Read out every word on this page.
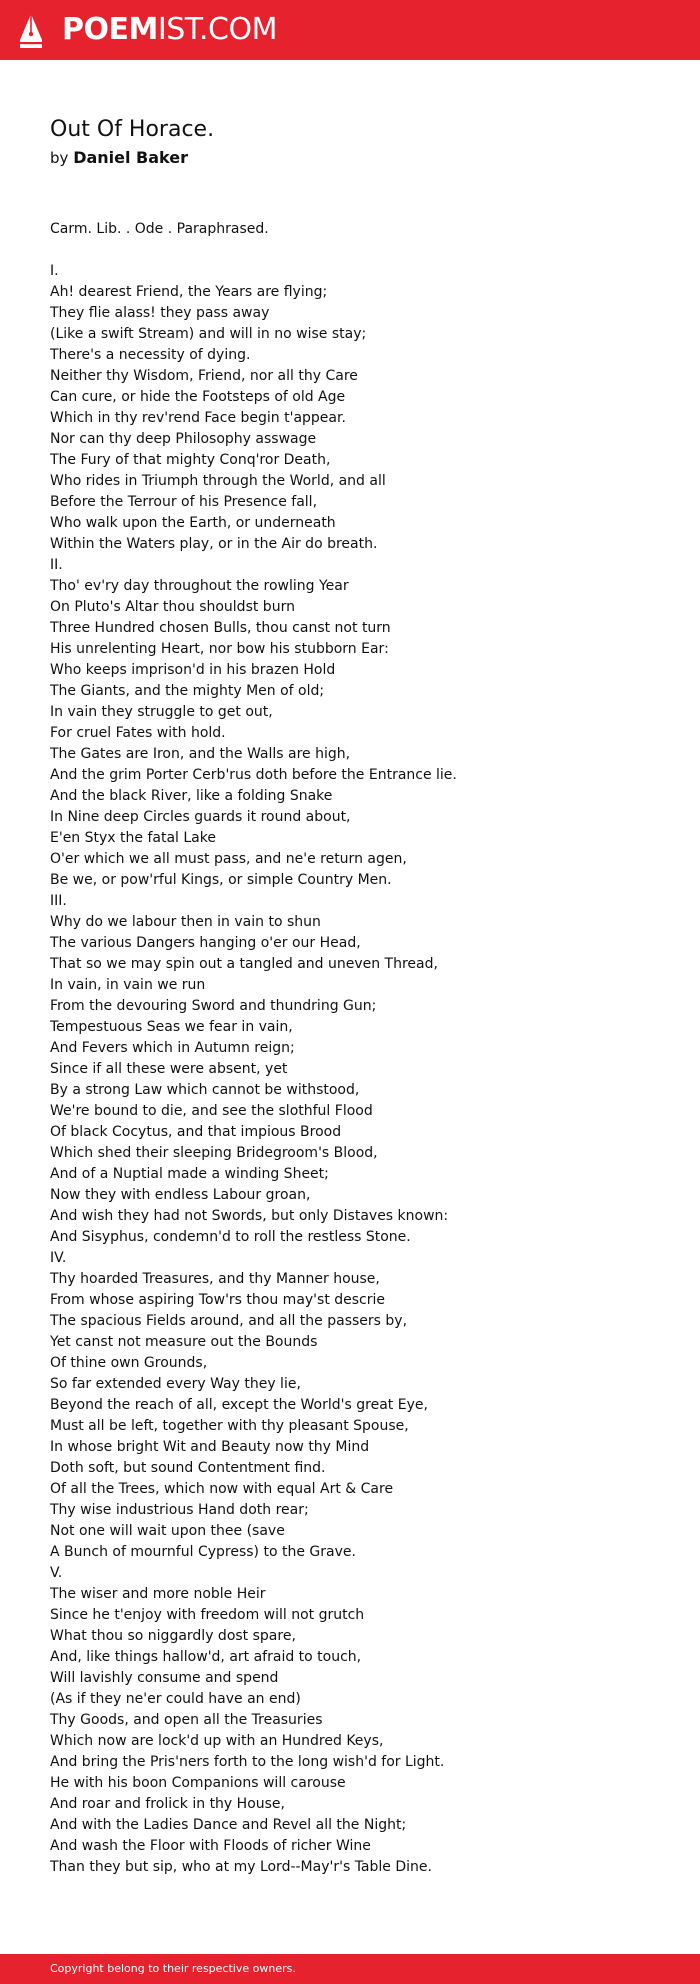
POEMIST.COM
Out Of Horace.
by Daniel Baker
Carm. Lib. . Ode . Paraphrased.
I.
Ah! dearest Friend, the Years are flying;
They flie alass! they pass away
(Like a swift Stream) and will in no wise stay;
There's a necessity of dying.
Neither thy Wisdom, Friend, nor all thy Care
Can cure, or hide the Footsteps of old Age
Which in thy rev'rend Face begin t'appear.
Nor can thy deep Philosophy asswage
The Fury of that mighty Conq'ror Death,
Who rides in Triumph through the World, and all
Before the Terrour of his Presence fall,
Who walk upon the Earth, or underneath
Within the Waters play, or in the Air do breath.
II.
Tho' ev'ry day throughout the rowling Year
On Pluto's Altar thou shouldst burn
Three Hundred chosen Bulls, thou canst not turn
His unrelenting Heart, nor bow his stubborn Ear:
Who keeps imprison'd in his brazen Hold
The Giants, and the mighty Men of old;
In vain they struggle to get out,
For cruel Fates with hold.
The Gates are Iron, and the Walls are high,
And the grim Porter Cerb'rus doth before the Entrance lie.
And the black River, like a folding Snake
In Nine deep Circles guards it round about,
E'en Styx the fatal Lake
O'er which we all must pass, and ne'e return agen,
Be we, or pow'rful Kings, or simple Country Men.
III.
Why do we labour then in vain to shun
The various Dangers hanging o'er our Head,
That so we may spin out a tangled and uneven Thread,
In vain, in vain we run
From the devouring Sword and thundring Gun;
Tempestuous Seas we fear in vain,
And Fevers which in Autumn reign;
Since if all these were absent, yet
By a strong Law which cannot be withstood,
We're bound to die, and see the slothful Flood
Of black Cocytus, and that impious Brood
Which shed their sleeping Bridegroom's Blood,
And of a Nuptial made a winding Sheet;
Now they with endless Labour groan,
And wish they had not Swords, but only Distaves known:
And Sisyphus, condemn'd to roll the restless Stone.
IV.
Thy hoarded Treasures, and thy Manner house,
From whose aspiring Tow'rs thou may'st descrie
The spacious Fields around, and all the passers by,
Yet canst not measure out the Bounds
Of thine own Grounds,
So far extended every Way they lie,
Beyond the reach of all, except the World's great Eye,
Must all be left, together with thy pleasant Spouse,
In whose bright Wit and Beauty now thy Mind
Doth soft, but sound Contentment find.
Of all the Trees, which now with equal Art & Care
Thy wise industrious Hand doth rear;
Not one will wait upon thee (save
A Bunch of mournful Cypress) to the Grave.
V.
The wiser and more noble Heir
Since he t'enjoy with freedom will not grutch
What thou so niggardly dost spare,
And, like things hallow'd, art afraid to touch,
Will lavishly consume and spend
(As if they ne'er could have an end)
Thy Goods, and open all the Treasuries
Which now are lock'd up with an Hundred Keys,
And bring the Pris'ners forth to the long wish'd for Light.
He with his boon Companions will carouse
And roar and frolick in thy House,
And with the Ladies Dance and Revel all the Night;
And wash the Floor with Floods of richer Wine
Than they but sip, who at my Lord--May'r's Table Dine.
Copyright belong to their respective owners.
